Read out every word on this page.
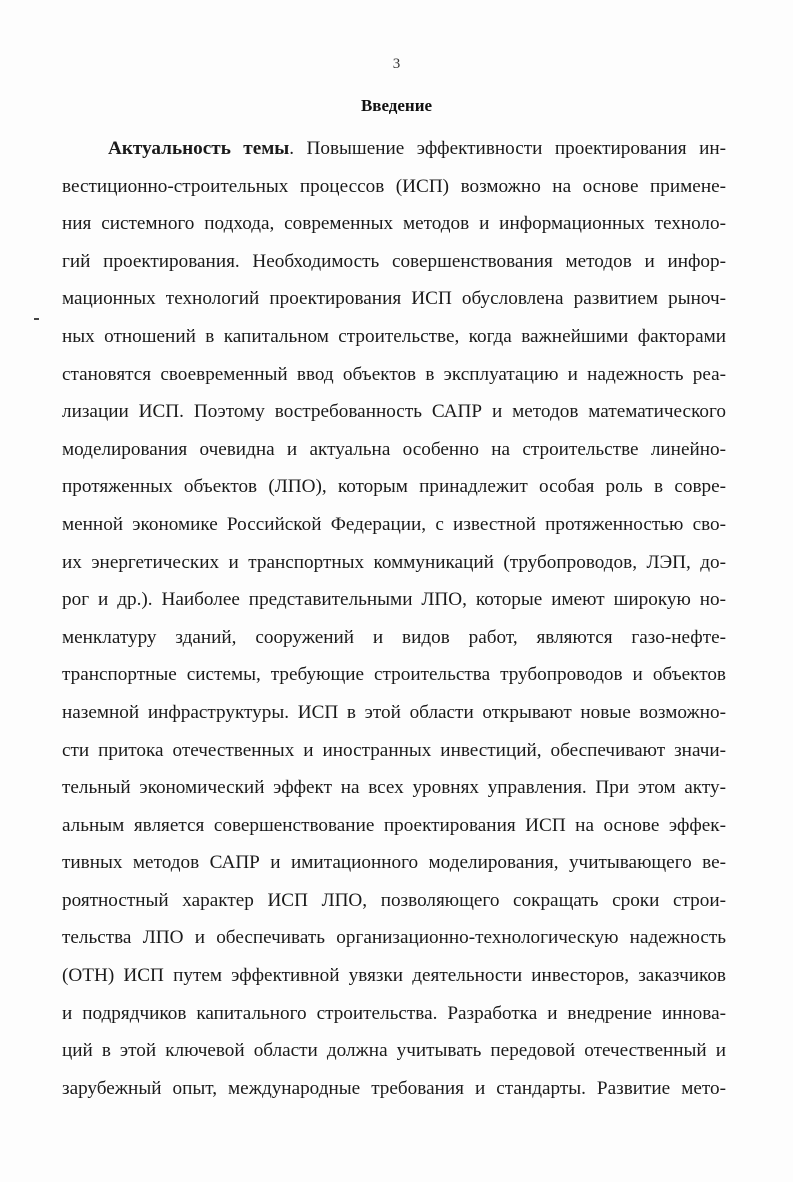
3
Введение
Актуальность темы. Повышение эффективности проектирования ин-
вестиционно-строительных процессов (ИСП) возможно на основе примене-
ния системного подхода, современных методов и информационных техноло-
гий проектирования. Необходимость совершенствования методов и инфор-
мационных технологий проектирования ИСП обусловлена развитием рыноч-
ных отношений в капитальном строительстве, когда важнейшими факторами
становятся своевременный ввод объектов в эксплуатацию и надежность реа-
лизации ИСП. Поэтому востребованность САПР и методов математического
моделирования очевидна и актуальна особенно на строительстве линейно-
протяженных объектов (ЛПО), которым принадлежит особая роль в совре-
менной экономике Российской Федерации, с известной протяженностью сво-
их энергетических и транспортных коммуникаций (трубопроводов, ЛЭП, до-
рог и др.). Наиболее представительными ЛПО, которые имеют широкую но-
менклатуру зданий, сооружений и видов работ, являются газо-нефте-
транспортные системы, требующие строительства трубопроводов и объектов
наземной инфраструктуры. ИСП в этой области открывают новые возможно-
сти притока отечественных и иностранных инвестиций, обеспечивают значи-
тельный экономический эффект на всех уровнях управления. При этом акту-
альным является совершенствование проектирования ИСП на основе эффек-
тивных методов САПР и имитационного моделирования, учитывающего ве-
роятностный характер ИСП ЛПО, позволяющего сокращать сроки строи-
тельства ЛПО и обеспечивать организационно-технологическую надежность
(ОТН) ИСП путем эффективной увязки деятельности инвесторов, заказчиков
и подрядчиков капитального строительства. Разработка и внедрение иннова-
ций в этой ключевой области должна учитывать передовой отечественный и
зарубежный опыт, международные требования и стандарты. Развитие мето-
